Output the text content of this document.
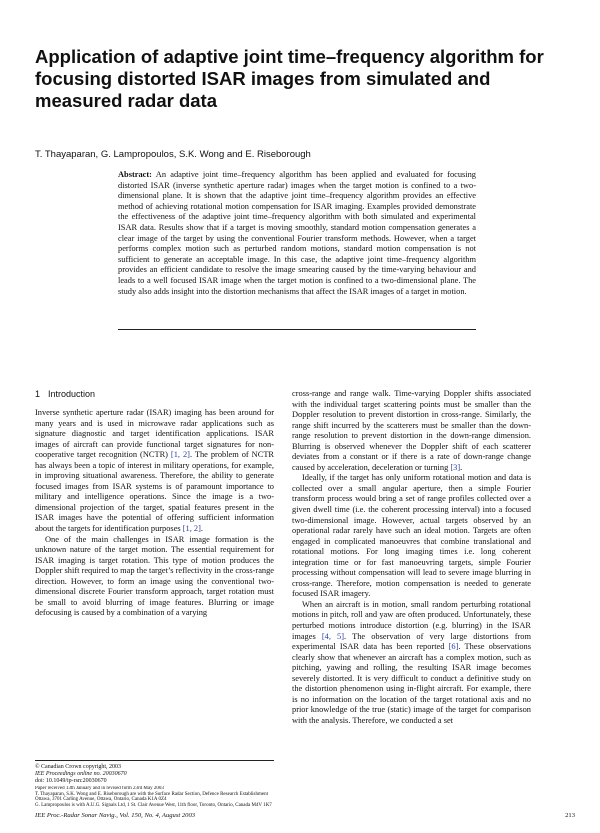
Application of adaptive joint time–frequency algorithm for focusing distorted ISAR images from simulated and measured radar data
T. Thayaparan, G. Lampropoulos, S.K. Wong and E. Riseborough
Abstract: An adaptive joint time–frequency algorithm has been applied and evaluated for focusing distorted ISAR (inverse synthetic aperture radar) images when the target motion is confined to a two-dimensional plane. It is shown that the adaptive joint time–frequency algorithm provides an effective method of achieving rotational motion compensation for ISAR imaging. Examples provided demonstrate the effectiveness of the adaptive joint time–frequency algorithm with both simulated and experimental ISAR data. Results show that if a target is moving smoothly, standard motion compensation generates a clear image of the target by using the conventional Fourier transform methods. However, when a target performs complex motion such as perturbed random motions, standard motion compensation is not sufficient to generate an acceptable image. In this case, the adaptive joint time–frequency algorithm provides an efficient candidate to resolve the image smearing caused by the time-varying behaviour and leads to a well focused ISAR image when the target motion is confined to a two-dimensional plane. The study also adds insight into the distortion mechanisms that affect the ISAR images of a target in motion.
1 Introduction

Inverse synthetic aperture radar (ISAR) imaging has been around for many years and is used in microwave radar applications such as signature diagnostic and target identification applications. ISAR images of aircraft can provide functional target signatures for non-cooperative target recognition (NCTR) [1, 2]. The problem of NCTR has always been a topic of interest in military operations, for example, in improving situational awareness. Therefore, the ability to generate focused images from ISAR systems is of paramount importance to military and intelligence operations. Since the image is a two-dimensional projection of the target, spatial features present in the ISAR images have the potential of offering sufficient information about the targets for identification purposes [1, 2].

One of the main challenges in ISAR image formation is the unknown nature of the target motion. The essential requirement for ISAR imaging is target rotation. This type of motion produces the Doppler shift required to map the target’s reflectivity in the cross-range direction. However, to form an image using the conventional two-dimensional discrete Fourier transform approach, target rotation must be small to avoid blurring of image features. Blurring or image defocusing is caused by a combination of a varying

© Canadian Crown copyright, 2003
IEE Proceedings online no. 20030670
doi: 10.1049/ip-rsn:20030670

cross-range and range walk. Time-varying Doppler shifts associated with the individual target scattering points must be smaller than the Doppler resolution to prevent distortion in cross-range. Similarly, the range shift incurred by the scatterers must be smaller than the down-range resolution to prevent distortion in the down-range dimension. Blurring is observed whenever the Doppler shift of each scatterer deviates from a constant or if there is a rate of down-range change caused by acceleration, deceleration or turning [3].

Ideally, if the target has only uniform rotational motion and data is collected over a small angular aperture, then a simple Fourier transform process would bring a set of range profiles collected over a given dwell time (i.e. the coherent processing interval) into a focused two-dimensional image. However, actual targets observed by an operational radar rarely have such an ideal motion. Targets are often engaged in complicated manoeuvres that combine translational and rotational motions. For long imaging times i.e. long coherent integration time or for fast manoeuvring targets, simple Fourier processing without compensation will lead to severe image blurring in cross-range. Therefore, motion compensation is needed to generate focused ISAR imagery.

When an aircraft is in motion, small random perturbing rotational motions in pitch, roll and yaw are often produced. Unfortunately, these perturbed motions introduce distortion (e.g. blurring) in the ISAR images [4, 5]. The observation of very large distortions from experimental ISAR data has been reported [6]. These observations clearly show that whenever an aircraft has a complex motion, such as pitching, yawing and rolling, the resulting ISAR image becomes severely distorted. It is very difficult to conduct a definitive study on the distortion phenomenon using in-flight aircraft. For example, there is no information on the location of the target rotational axis and no prior knowledge of the true (static) image of the target for comparison with the analysis. Therefore, we conducted a set

IEE Proc.-Radar Sonar Navig., Vol. 150, No. 4, August 2003	213
Paper received 13th January and in revised form 23rd May 2003
T. Thayaparan, S.K. Wong and E. Riseborough are with the Surface Radar Section, Defence Research Establishment Ottawa, 3701 Carling Avenue, Ottawa, Ontario, Canada K1A 0Z4
G. Lampropoulos is with A.U.G. Signals Ltd, 1 St. Clair Avenue West, 11th floor, Toronto, Ontario, Canada M4V 1K7
